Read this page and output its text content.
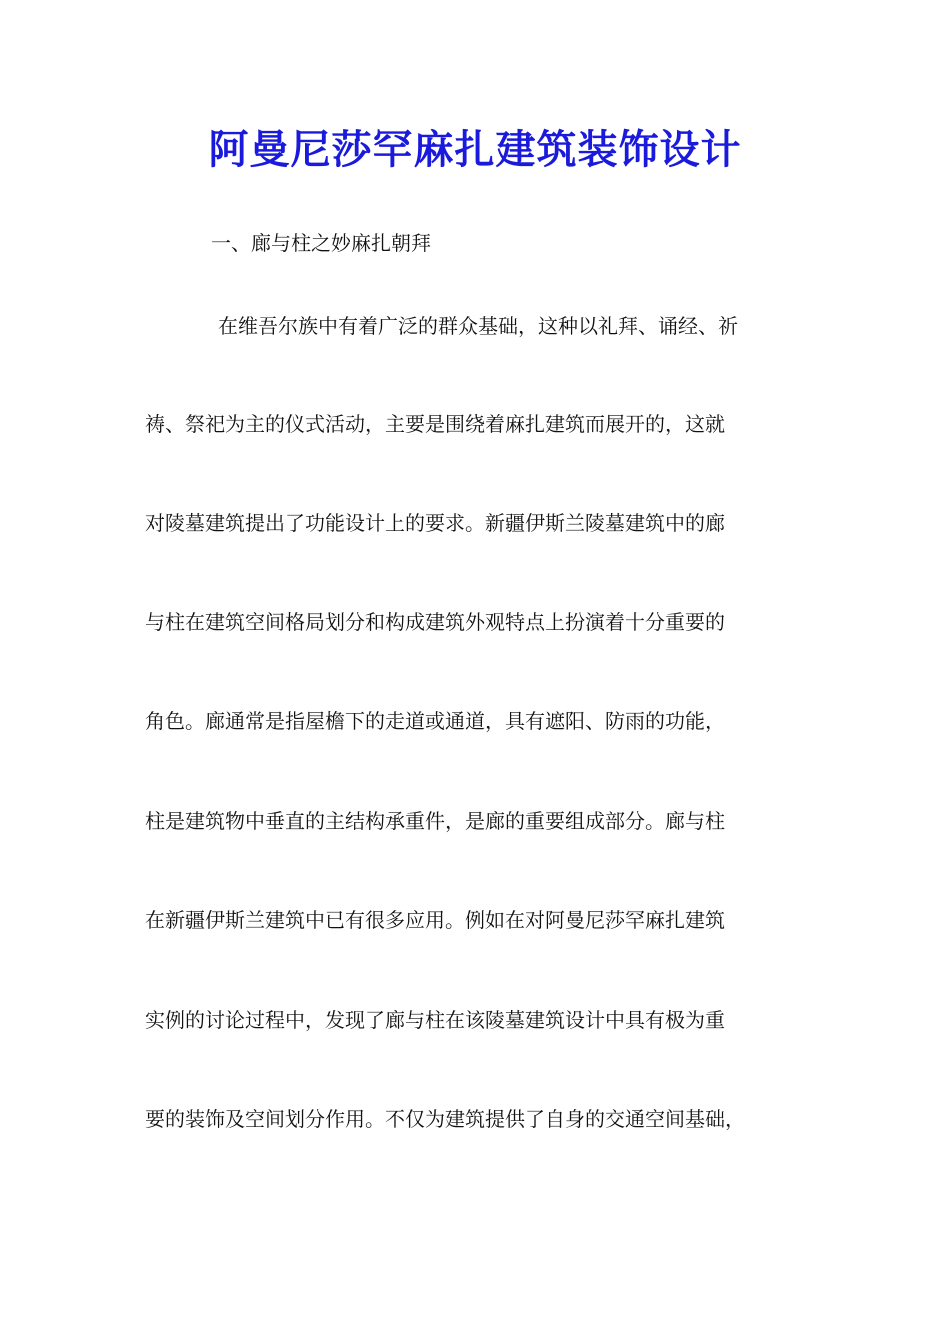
阿曼尼莎罕麻扎建筑装饰设计
一、廊与柱之妙麻扎朝拜
在维吾尔族中有着广泛的群众基础，这种以礼拜、诵经、祈
祷、祭祀为主的仪式活动，主要是围绕着麻扎建筑而展开的，这就
对陵墓建筑提出了功能设计上的要求。新疆伊斯兰陵墓建筑中的廊
与柱在建筑空间格局划分和构成建筑外观特点上扮演着十分重要的
角色。廊通常是指屋檐下的走道或通道，具有遮阳、防雨的功能，
柱是建筑物中垂直的主结构承重件，是廊的重要组成部分。廊与柱
在新疆伊斯兰建筑中已有很多应用。例如在对阿曼尼莎罕麻扎建筑
实例的讨论过程中，发现了廊与柱在该陵墓建筑设计中具有极为重
要的装饰及空间划分作用。不仅为建筑提供了自身的交通空间基础，
